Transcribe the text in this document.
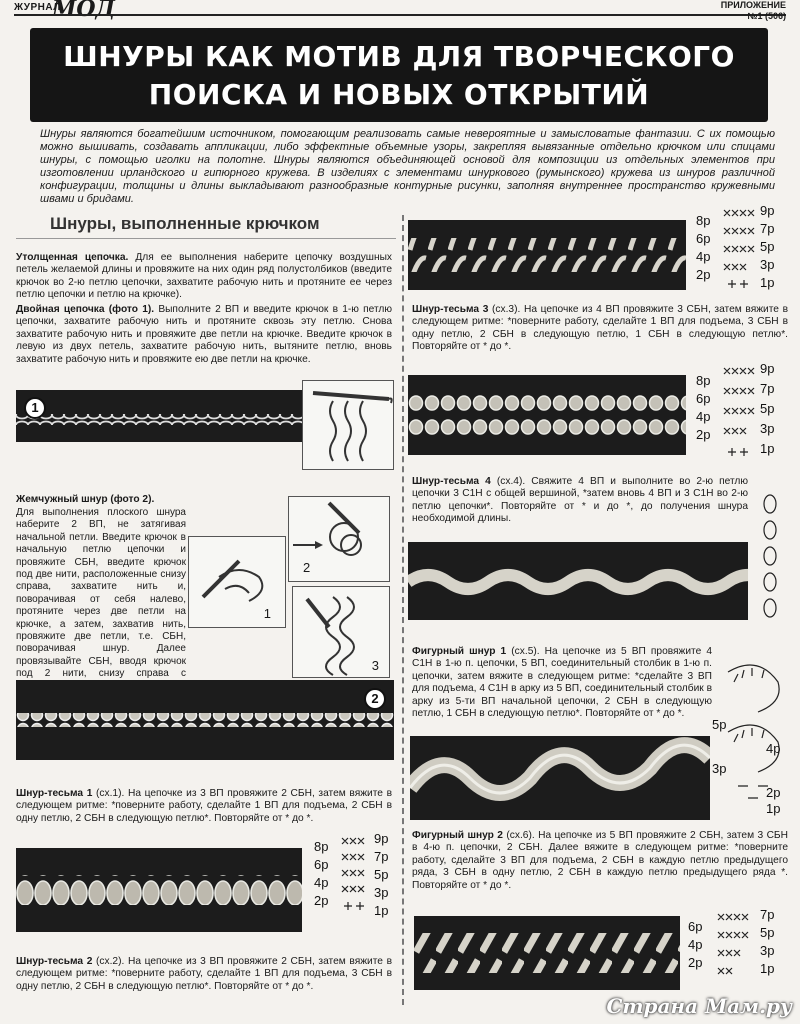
ЖУРНАЛ
МОД	ПРИЛОЖЕНИЕ
№1 (506)
ШНУРЫ КАК МОТИВ ДЛЯ ТВОРЧЕСКОГО
ПОИСКА И НОВЫХ ОТКРЫТИЙ

Шнуры являются богатейшим источником, помогающим реализовать самые невероятные и замысловатые фантазии. С их помощью можно вышивать, создавать аппликации, либо эффектные объемные узоры, закрепляя вывязанные отдельно крючком или спицами шнуры, с помощью иголки на полотне. Шнуры являются объединяющей основой для композиции из отдельных элементов при изготовлении ирландского и гипюрного кружева. В изделиях с элементами шнуркового (румынского) кружева из шнуров различной конфигурации, толщины и длины выкладывают разнообразные контурные рисунки, заполняя внутреннее пространство кружевными швами и бридами.

Шнуры, выполненные крючком

Утолщенная цепочка. Для ее выполнения наберите цепочку воздушных петель желаемой длины и провяжите на них один ряд полустолбиков (введите крючок во 2-ю петлю цепочки, захватите рабочую нить и протяните ее через петлю цепочки и петлю на крючке).

Двойная цепочка (фото 1). Выполните 2 ВП и введите крючок в 1-ю петлю цепочки, захватите рабочую нить и протяните сквозь эту петлю. Снова захватите рабочую нить и провяжите две петли на крючке. Введите крючок в левую из двух петель, захватите рабочую нить, вытяните петлю, вновь захватите рабочую нить и провяжите ею две петли на крючке.

1

Жемчужный шнур (фото 2).

Для выполнения плоского шнура наберите 2 ВП, не затягивая начальной петли. Введите крючок в начальную петлю цепочки и провяжите СБН, введите крючок под две нити, расположенные снизу справа, захватите нить и, поворачивая от себя налево, протяните через две петли на крючке, а затем, захватив нить, провяжите две петли, т.е. СБН, поворачивая шнур. Далее провязывайте СБН, вводя крючок под 2 нити, снизу справа с

1
2
3
2

Шнур-тесьма 1 (сх.1). На цепочке из 3 ВП провяжите 2 СБН, затем вяжите в следующем ритме: *поверните работу, сделайте 1 ВП для подъема, 2 СБН в одну петлю, 2 СБН в следующую петлю*. Повторяйте от * до *.

8р
6р
4р
2р
9р
7р
5р
3р
1р

Шнур-тесьма 2 (сх.2). На цепочке из 3 ВП провяжите 2 СБН, затем вяжите в следующем ритме: *поверните работу, сделайте 1 ВП для подъема, 3 СБН в одну петлю, 2 СБН в следующую петлю*. Повторяйте от * до *.

8р
6р
4р
2р
9р
7р
5р
3р
1р

Шнур-тесьма 3 (сх.3). На цепочке из 4 ВП провяжите 3 СБН, затем вяжите в следующем ритме: *поверните работу, сделайте 1 ВП для подъема, 3 СБН в одну петлю, 2 СБН в следующую петлю, 1 СБН в следующую петлю*. Повторяйте от * до *.

8р
6р
4р
2р
9р
7р
5р
3р
1р

Шнур-тесьма 4 (сх.4). Свяжите 4 ВП и выполните во 2-ю петлю цепочки 3 С1Н с общей вершиной, *затем вновь 4 ВП и 3 С1Н во 2-ю петлю цепочки*. Повторяйте от * и до *, до получения шнура необходимой длины.

Фигурный шнур 1 (сх.5). На цепочке из 5 ВП провяжите 4 С1Н в 1-ю п. цепочки, 5 ВП, соединительный столбик в 1-ю п. цепочки, затем вяжите в следующем ритме: *сделайте 3 ВП для подъема, 4 С1Н в арку из 5 ВП, соединительный столбик в арку из 5-ти ВП начальной цепочки, 2 СБН в следующую петлю, 1 СБН в следующую петлю*. Повторяйте от * до *.

5р
3р
4р
2р
1р

Фигурный шнур 2 (сх.6). На цепочке из 5 ВП провяжите 2 СБН, затем 3 СБН в 4-ю п. цепочки, 2 СБН. Далее вяжите в следующем ритме: *поверните работу, сделайте 3 ВП для подъема, 2 СБН в каждую петлю предыдущего ряда, 3 СБН в одну петлю, 2 СБН в каждую петлю предыдущего ряда *. Повторяйте от * до *.

6р
4р
2р
7р
5р
3р
1р
Страна Мам.ру
